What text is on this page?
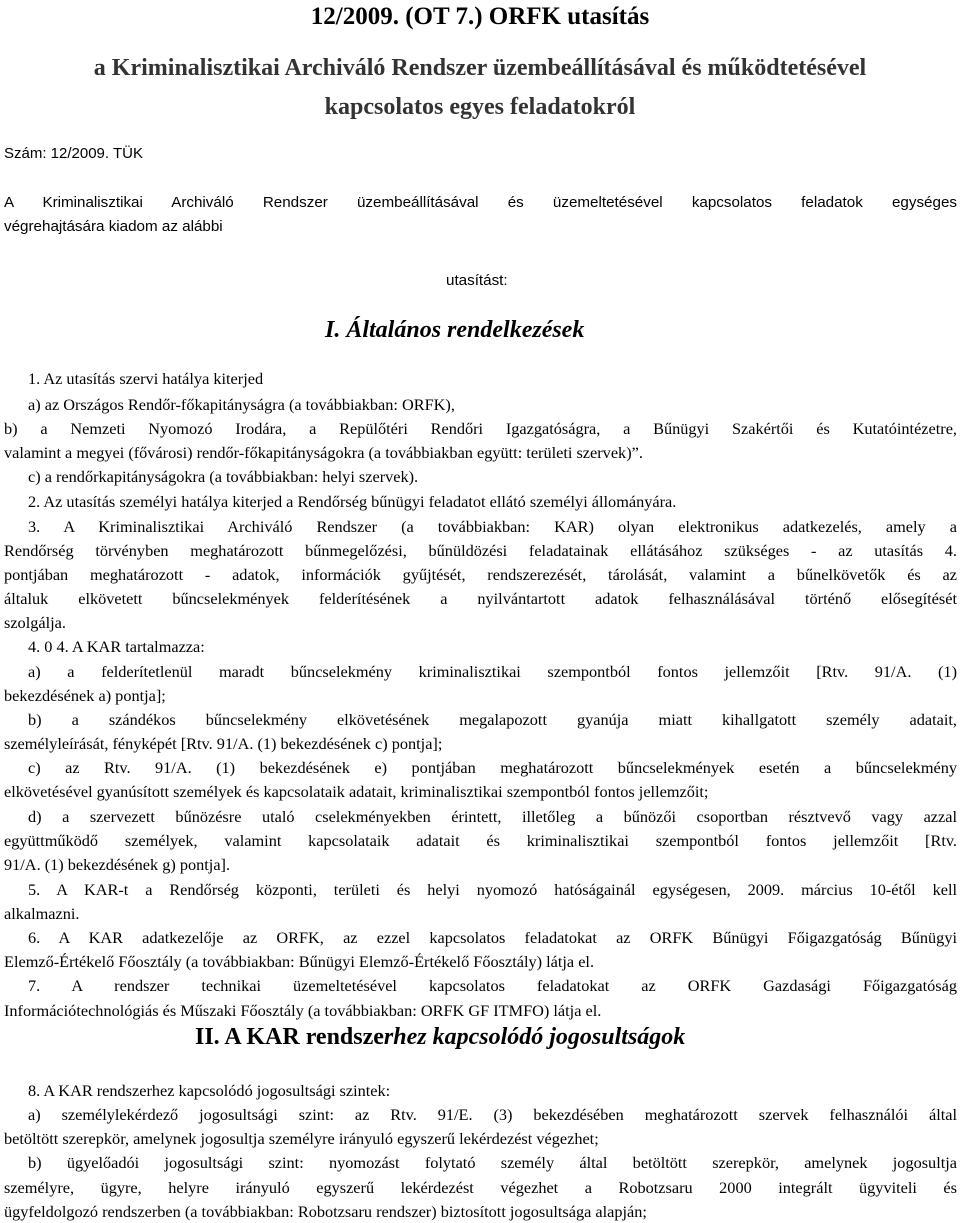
12/2009. (OT 7.) ORFK utasítás
a Kriminalisztikai Archiváló Rendszer üzembeállításával és működtetésével
kapcsolatos egyes feladatokról
Szám: 12/2009. TÜK
A Kriminalisztikai Archiváló Rendszer üzembeállításával és üzemeltetésével kapcsolatos feladatok egységes
végrehajtására kiadom az alábbi
utasítást:
I. Általános rendelkezések
1. Az utasítás szervi hatálya kiterjed
a) az Országos Rendőr-főkapitányságra (a továbbiakban: ORFK),
b) a Nemzeti Nyomozó Irodára, a Repülőtéri Rendőri Igazgatóságra, a Bűnügyi Szakértői és Kutatóintézetre,
valamint a megyei (fővárosi) rendőr-főkapitányságokra (a továbbiakban együtt: területi szervek)”.
c) a rendőrkapitányságokra (a továbbiakban: helyi szervek).
2. Az utasítás személyi hatálya kiterjed a Rendőrség bűnügyi feladatot ellátó személyi állományára.
3. A Kriminalisztikai Archiváló Rendszer (a továbbiakban: KAR) olyan elektronikus adatkezelés, amely a
Rendőrség törvényben meghatározott bűnmegelőzési, bűnüldözési feladatainak ellátásához szükséges - az utasítás 4.
pontjában meghatározott - adatok, információk gyűjtését, rendszerezését, tárolását, valamint a bűnelkövetők és az
általuk elkövetett bűncselekmények felderítésének a nyilvántartott adatok felhasználásával történő elősegítését
szolgálja.
4. 0 4. A KAR tartalmazza:
a) a felderítetlenül maradt bűncselekmény kriminalisztikai szempontból fontos jellemzőit [Rtv. 91/A. (1)
bekezdésének a) pontja];
b) a szándékos bűncselekmény elkövetésének megalapozott gyanúja miatt kihallgatott személy adatait,
személyleírását, fényképét [Rtv. 91/A. (1) bekezdésének c) pontja];
c) az Rtv. 91/A. (1) bekezdésének e) pontjában meghatározott bűncselekmények esetén a bűncselekmény
elkövetésével gyanúsított személyek és kapcsolataik adatait, kriminalisztikai szempontból fontos jellemzőit;
d) a szervezett bűnözésre utaló cselekményekben érintett, illetőleg a bűnözői csoportban résztvevő vagy azzal
együttműködő személyek, valamint kapcsolataik adatait és kriminalisztikai szempontból fontos jellemzőit [Rtv.
91/A. (1) bekezdésének g) pontja].
5. A KAR-t a Rendőrség központi, területi és helyi nyomozó hatóságainál egységesen, 2009. március 10-étől kell
alkalmazni.
6. A KAR adatkezelője az ORFK, az ezzel kapcsolatos feladatokat az ORFK Bűnügyi Főigazgatóság Bűnügyi
Elemző-Értékelő Főosztály (a továbbiakban: Bűnügyi Elemző-Értékelő Főosztály) látja el.
7. A rendszer technikai üzemeltetésével kapcsolatos feladatokat az ORFK Gazdasági Főigazgatóság
Információtechnológiás és Műszaki Főosztály (a továbbiakban: ORFK GF ITMFO) látja el.
II. A KAR rendszerhez kapcsolódó jogosultságok
8. A KAR rendszerhez kapcsolódó jogosultsági szintek:
a) személylekérdező jogosultsági szint: az Rtv. 91/E. (3) bekezdésében meghatározott szervek felhasználói által
betöltött szerepkör, amelynek jogosultja személyre irányuló egyszerű lekérdezést végezhet;
b) ügyelőadói jogosultsági szint: nyomozást folytató személy által betöltött szerepkör, amelynek jogosultja
személyre, ügyre, helyre irányuló egyszerű lekérdezést végezhet a Robotzsaru 2000 integrált ügyviteli és
ügyfeldolgozó rendszerben (a továbbiakban: Robotzsaru rendszer) biztosított jogosultsága alapján;
